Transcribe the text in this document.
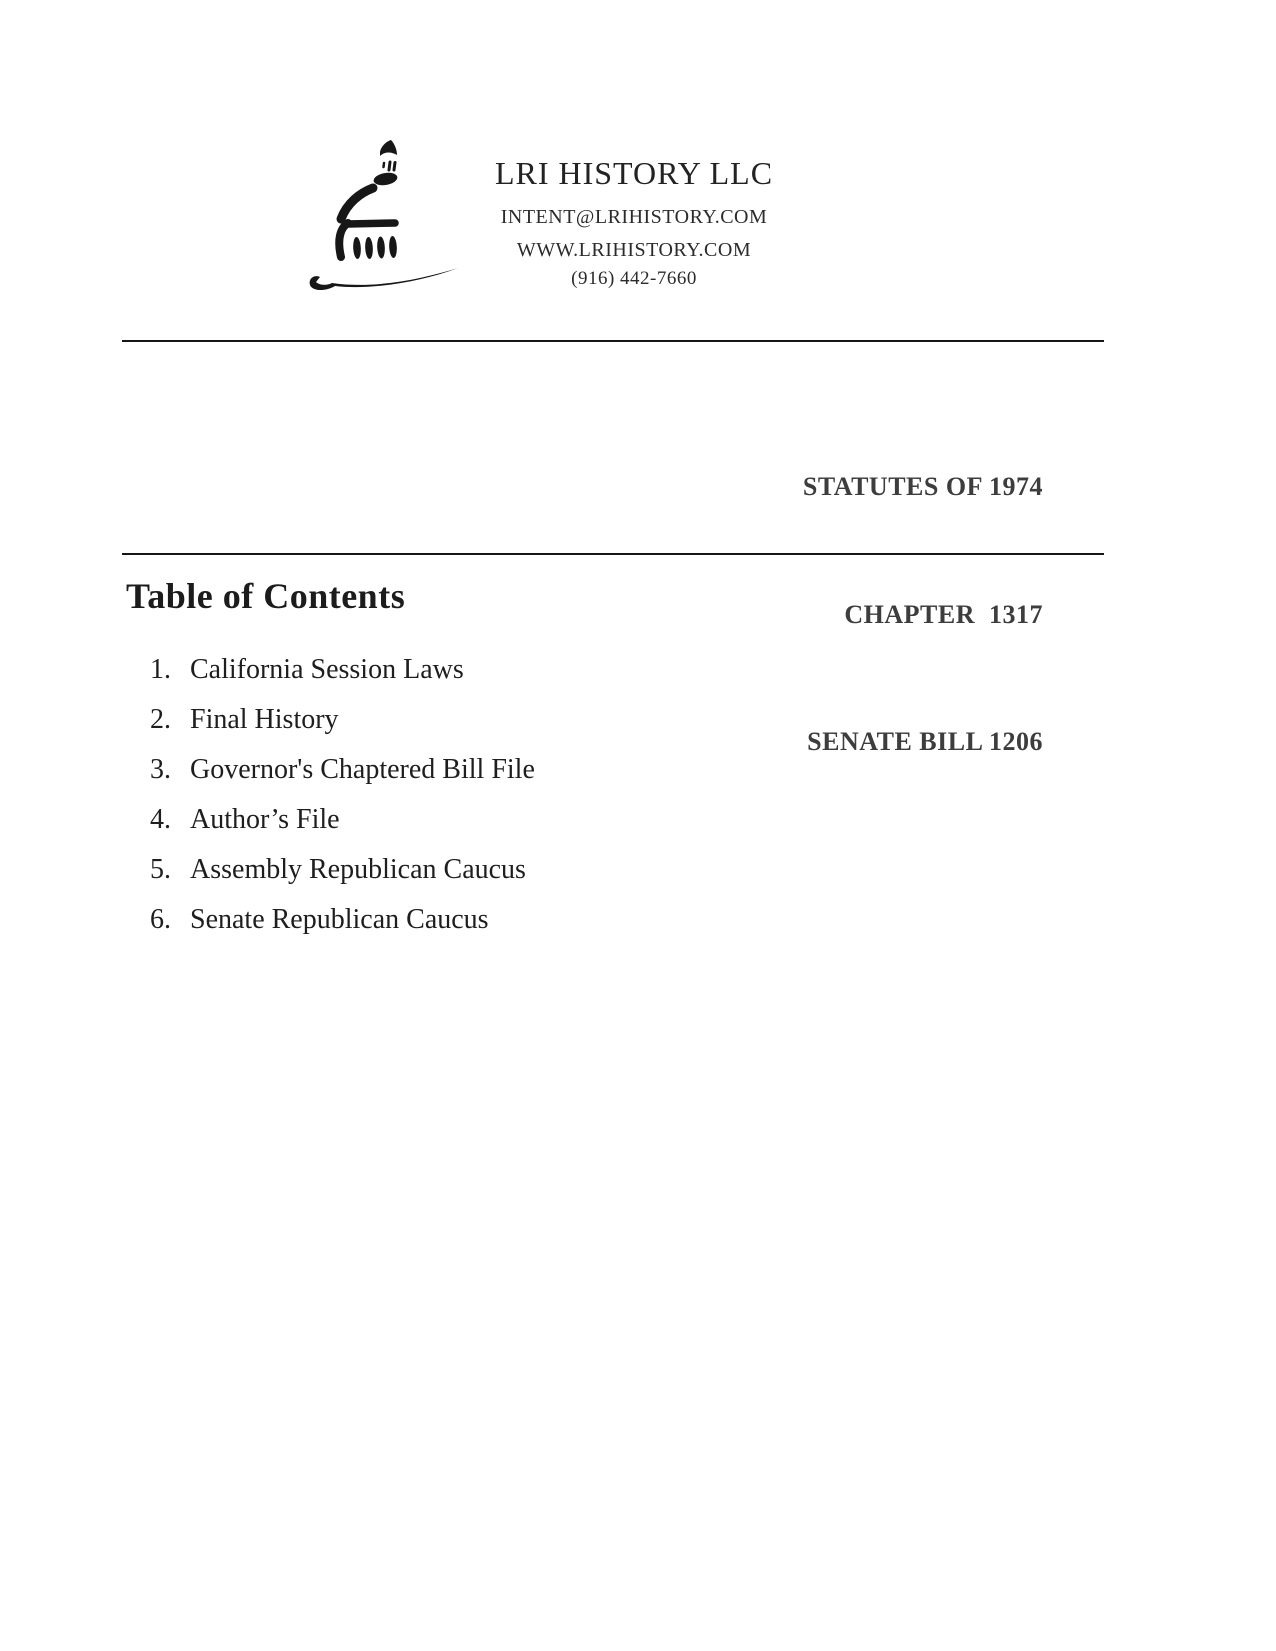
LRI HISTORY LLC
INTENT@LRIHISTORY.COM
WWW.LRIHISTORY.COM
(916) 442-7660

STATUTES OF 1974

CHAPTER  1317

SENATE BILL 1206

Table of Contents
1. California Session Laws
2. Final History
3. Governor's Chaptered Bill File
4. Author’s File
5. Assembly Republican Caucus
6. Senate Republican Caucus
